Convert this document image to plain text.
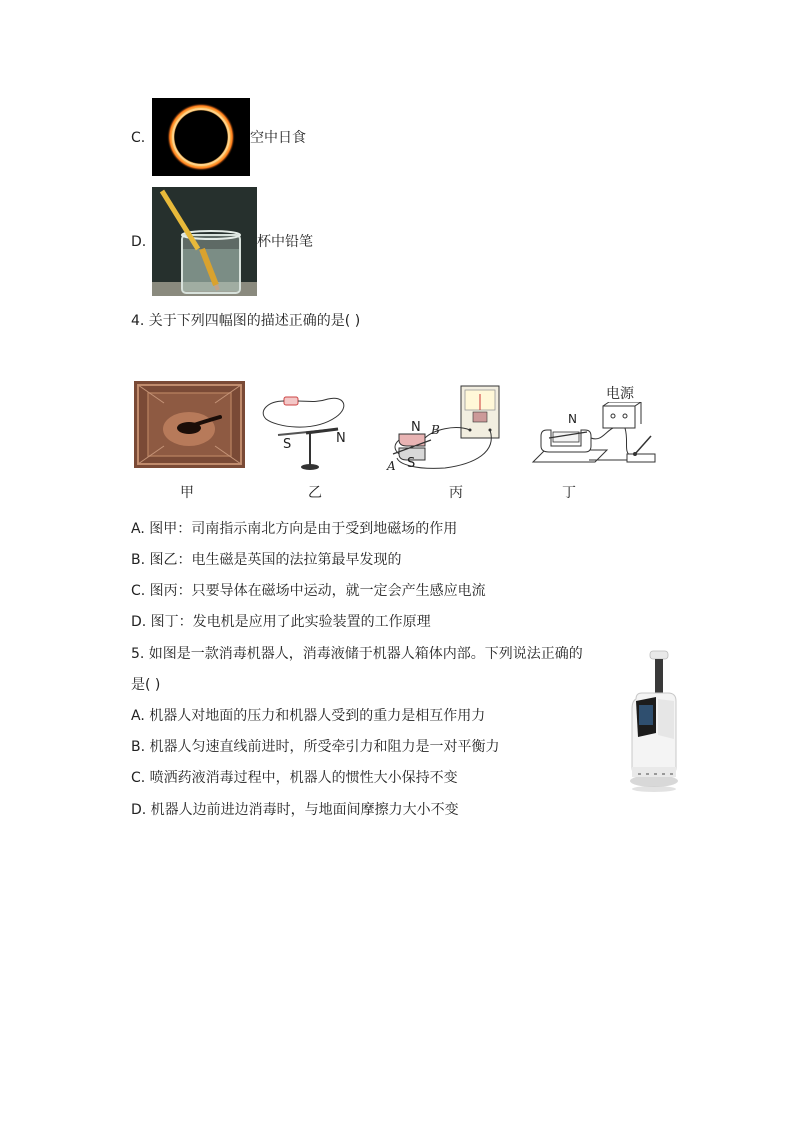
C.	空中日食
D.	杯中铅笔
4. 关于下列四幅图的描述正确的是( )
S	N
N B
A S
电源
N
甲	乙	丙	丁
A. 图甲：司南指示南北方向是由于受到地磁场的作用
B. 图乙：电生磁是英国的法拉第最早发现的
C. 图丙：只要导体在磁场中运动，就一定会产生感应电流
D. 图丁：发电机是应用了此实验装置的工作原理
5. 如图是一款消毒机器人，消毒液储于机器人箱体内部。下列说法正确的
是( )
A. 机器人对地面的压力和机器人受到的重力是相互作用力
B. 机器人匀速直线前进时，所受牵引力和阻力是一对平衡力
C. 喷洒药液消毒过程中，机器人的惯性大小保持不变
D. 机器人边前进边消毒时，与地面间摩擦力大小不变
